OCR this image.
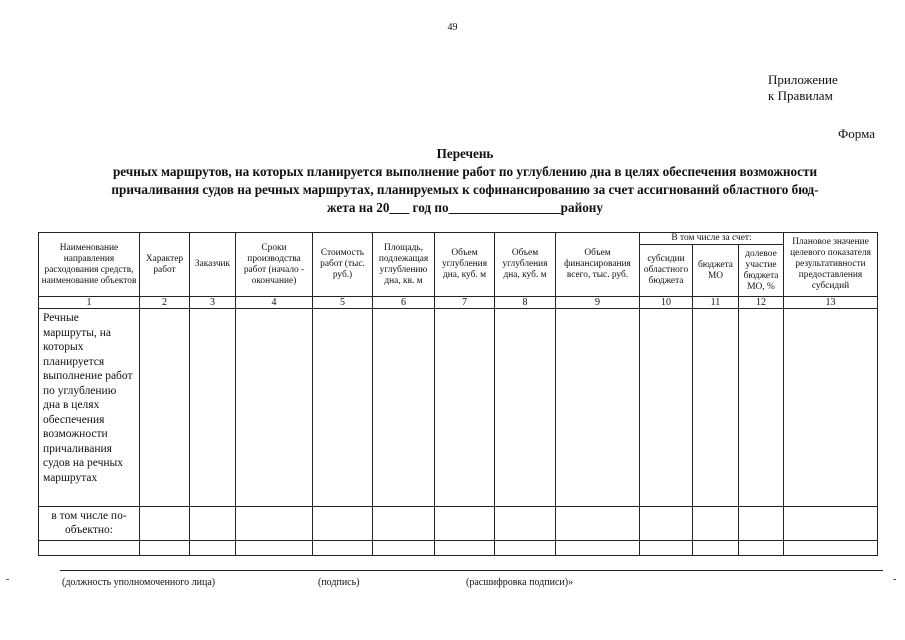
49
Приложение
к Правилам
Форма
Перечень
речных маршрутов, на которых планируется выполнение работ по углублению дна в целях обеспечения возможности
причаливания судов на речных маршрутах, планируемых к софинансированию за счет ассигнований областного бюд-
жета на 20___ год по_________________району
Наименование направления расходования средств, наименование объектов	Характер работ	Заказчик	Сроки производства работ (начало - окончание)	Стоимость работ (тыс. руб.)	Площадь, подлежащая углублению дна, кв. м	Объем углубления дна, куб. м	Объем углубления дна, куб. м	Объем финансирования всего, тыс. руб.	В том числе за счет:			Плановое значение целевого показателя результативности предоставления субсидий
									субсидии областного бюджета	бюджета МО	долевое участие бюджета МО, %	
1	2	3	4	5	6	7	8	9	10	11	12	13
Речные маршруты, на которых планируется выполнение работ по углублению дна в целях обеспечения возможности причаливания судов на речных маршрутах												
в том числе по-объектно:												

-	-
(должность уполномоченного лица)	(подпись)	(расшифровка подписи)»
